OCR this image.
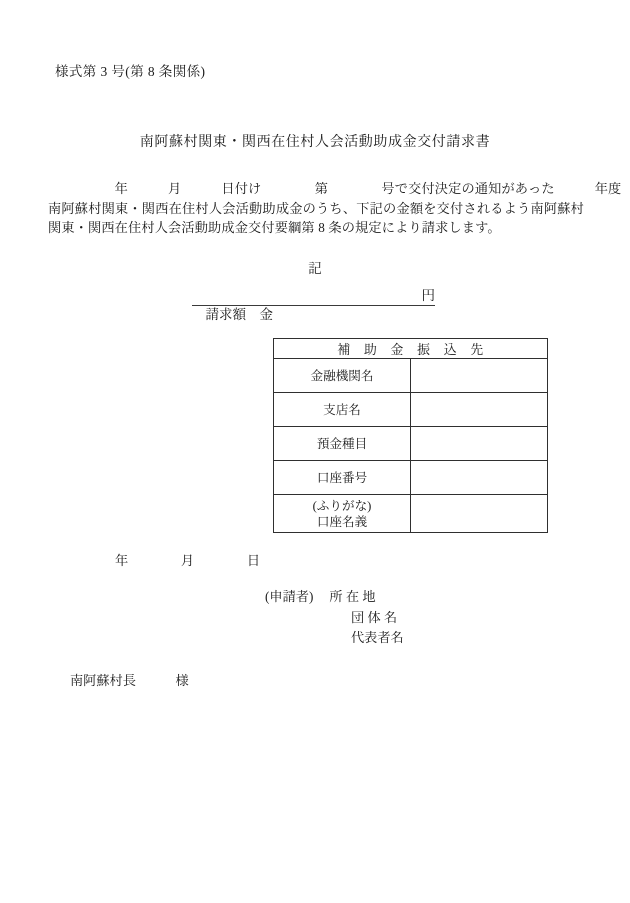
様式第 3 号(第 8 条関係)
南阿蘇村関東・関西在住村人会活動助成金交付請求書
　　　　　年　　　月　　　日付け　　　　第　　　　号で交付決定の通知があった　　　年度
南阿蘇村関東・関西在住村人会活動助成金のうち、下記の金額を交付されるよう南阿蘇村関東・関西在住村人会活動助成金交付要綱第 8 条の規定により請求します。
記

請求額　金

円

補　助　金　振　込　先	
金融機関名	
支店名	
預金種目	
口座番号	

(ふりがな)
口座名義	

年　　　　月　　　　日
(申請者) 所 在 地
団 体 名
代表者名
南阿蘇村長　　　様
